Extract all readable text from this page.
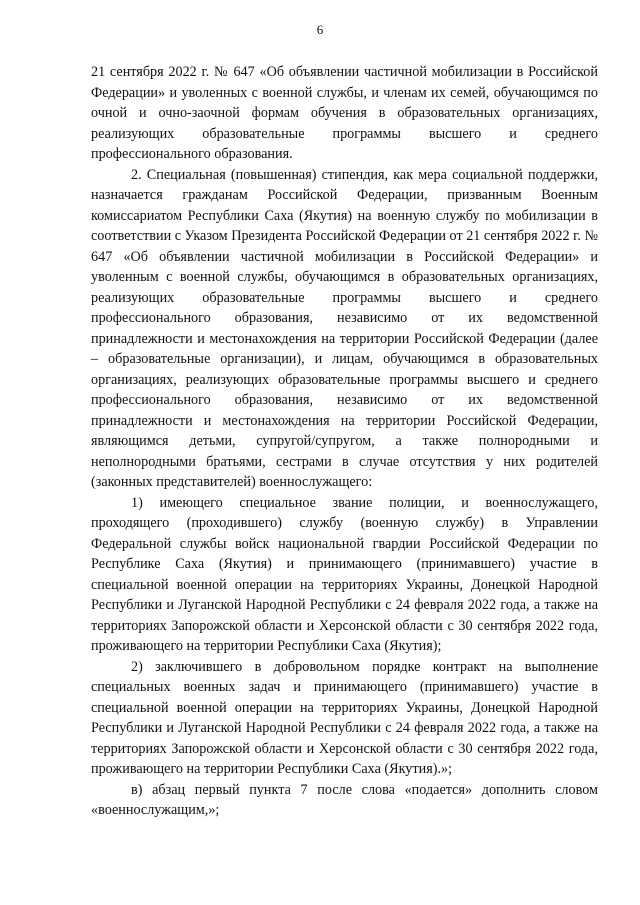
6

21 сентября 2022 г. № 647 «Об объявлении частичной мобилизации в Российской Федерации» и уволенных с военной службы, и членам их семей, обучающимся по очной и очно-заочной формам обучения в образовательных организациях, реализующих образовательные программы высшего и среднего профессионального образования.

2. Специальная (повышенная) стипендия, как мера социальной поддержки, назначается гражданам Российской Федерации, призванным Военным комиссариатом Республики Саха (Якутия) на военную службу по мобилизации в соответствии с Указом Президента Российской Федерации от 21 сентября 2022 г. № 647 «Об объявлении частичной мобилизации в Российской Федерации» и уволенным с военной службы, обучающимся в образовательных организациях, реализующих образовательные программы высшего и среднего профессионального образования, независимо от их ведомственной принадлежности и местонахождения на территории Российской Федерации (далее – образовательные организации), и лицам, обучающимся в образовательных организациях, реализующих образовательные программы высшего и среднего профессионального образования, независимо от их ведомственной принадлежности и местонахождения на территории Российской Федерации, являющимся детьми, супругой/супругом, а также полнородными и неполнородными братьями, сестрами в случае отсутствия у них родителей (законных представителей) военнослужащего:

1) имеющего специальное звание полиции, и военнослужащего, проходящего (проходившего) службу (военную службу) в Управлении Федеральной службы войск национальной гвардии Российской Федерации по Республике Саха (Якутия) и принимающего (принимавшего) участие в специальной военной операции на территориях Украины, Донецкой Народной Республики и Луганской Народной Республики с 24 февраля 2022 года, а также на территориях Запорожской области и Херсонской области с 30 сентября 2022 года, проживающего на территории Республики Саха (Якутия);

2) заключившего в добровольном порядке контракт на выполнение специальных военных задач и принимающего (принимавшего) участие в специальной военной операции на территориях Украины, Донецкой Народной Республики и Луганской Народной Республики с 24 февраля 2022 года, а также на территориях Запорожской области и Херсонской области с 30 сентября 2022 года, проживающего на территории Республики Саха (Якутия).»;

в) абзац первый пункта 7 после слова «подается» дополнить словом «военнослужащим,»;
